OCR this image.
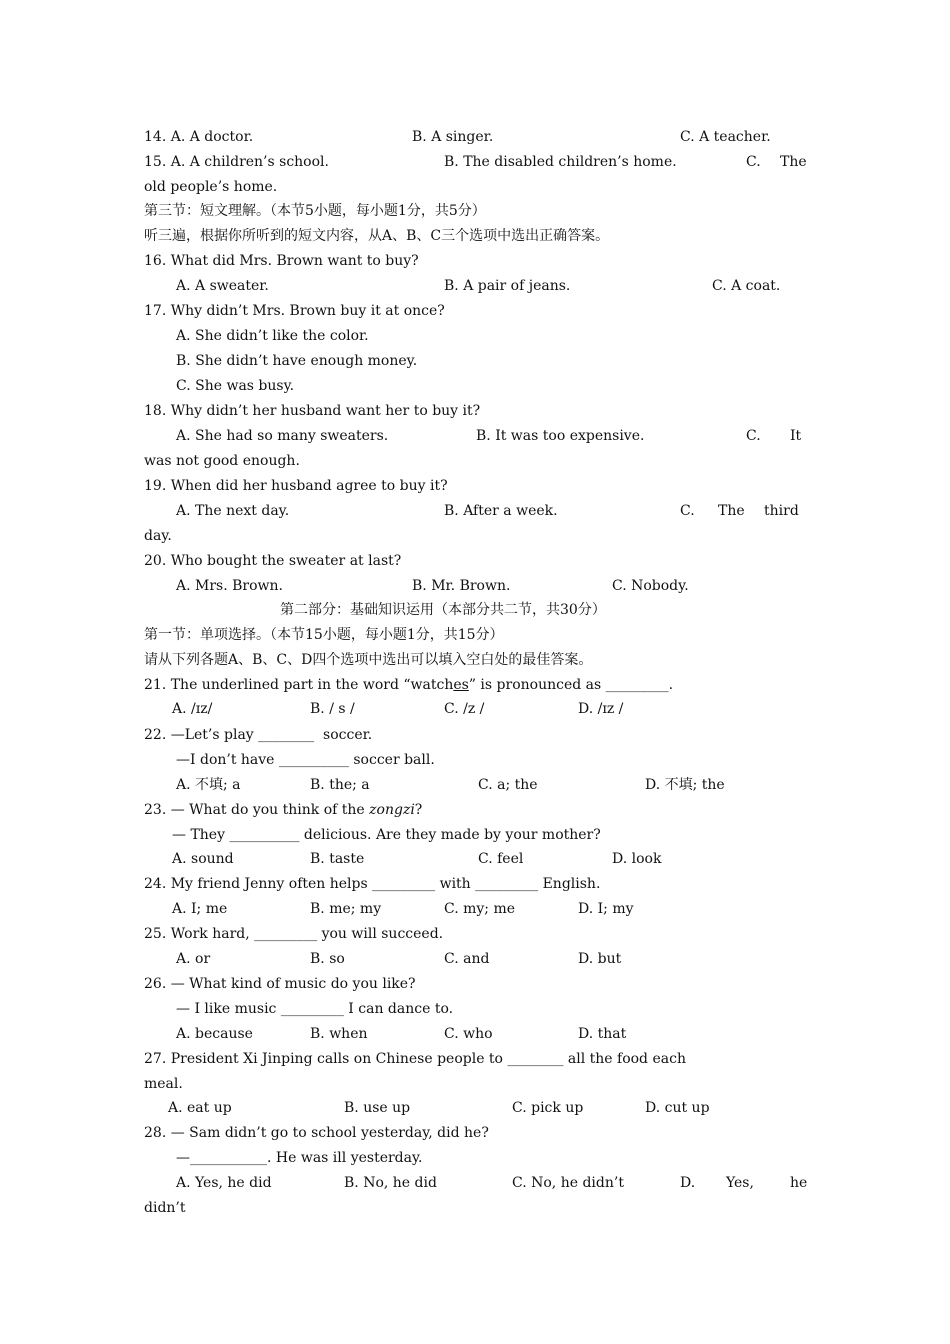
14. A. A doctor.	B. A singer.	C. A teacher.
15. A. A children’s school.	B. The disabled children’s home.	C. The
old people’s home.
第三节：短文理解。（本节5小题，每小题1分，共5分）
听三遍，根据你所听到的短文内容，从A、B、C三个选项中选出正确答案。
16. What did Mrs. Brown want to buy?
A. A sweater.	B. A pair of jeans.	C. A coat.
17. Why didn’t Mrs. Brown buy it at once?
A. She didn’t like the color.
B. She didn’t have enough money.
C. She was busy.
18. Why didn’t her husband want her to buy it?
A. She had so many sweaters.	B. It was too expensive.	C. It
was not good enough.
19. When did her husband agree to buy it?
A. The next day.	B. After a week.	C. The third
day.
20. Who bought the sweater at last?
A. Mrs. Brown.	B. Mr. Brown.	C. Nobody.
第二部分：基础知识运用（本部分共二节，共30分）
第一节：单项选择。（本节15小题，每小题1分，共15分）
请从下列各题A、B、C、D四个选项中选出可以填入空白处的最佳答案。
21. The underlined part in the word “watches” is pronounced as _________.
A. /ɪz/	B. / s /	C. /z /	D. /ɪz /
22. —Let’s play ________  soccer.
—I don’t have __________ soccer ball.
A. 不填; a	B. the; a	C. a; the	D. 不填; the
23. — What do you think of the zongzi?
— They __________ delicious. Are they made by your mother?
A. sound	B. taste	C. feel	D. look
24. My friend Jenny often helps _________ with _________ English.
A. I; me	B. me; my	C. my; me	D. I; my
25. Work hard, _________ you will succeed.
A. or	B. so	C. and	D. but
26. — What kind of music do you like?
— I like music _________ I can dance to.
A. because	B. when	C. who	D. that
27. President Xi Jinping calls on Chinese people to ________ all the food each
meal.
A. eat up	B. use up	C. pick up	D. cut up
28. — Sam didn’t go to school yesterday, did he?
—___________. He was ill yesterday.
A. Yes, he did	B. No, he did	C. No, he didn’t	D. Yes,	he
didn’t
